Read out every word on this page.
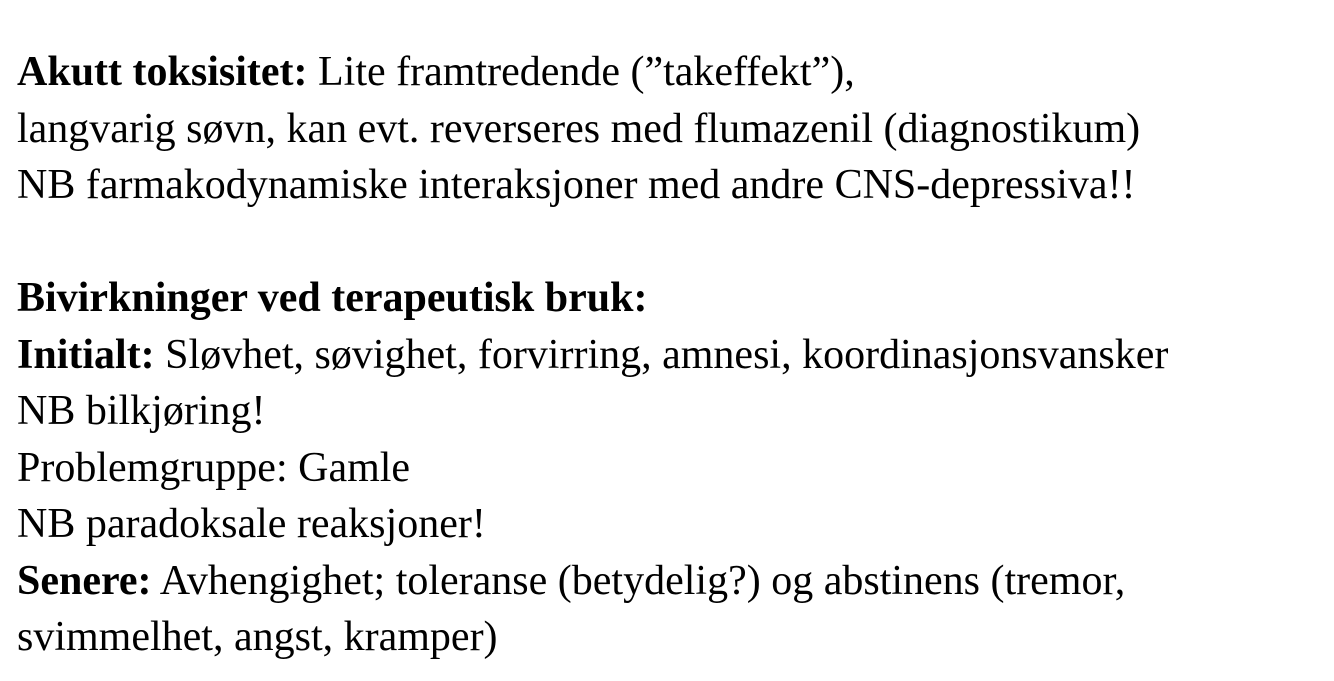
Akutt toksisitet: Lite framtredende (”takeffekt”),
langvarig søvn, kan evt. reverseres med flumazenil (diagnostikum)
NB farmakodynamiske interaksjoner med andre CNS-depressiva!!
Bivirkninger ved terapeutisk bruk:
Initialt: Sløvhet, søvighet, forvirring, amnesi, koordinasjonsvansker
NB bilkjøring!
Problemgruppe: Gamle
NB paradoksale reaksjoner!
Senere: Avhengighet; toleranse (betydelig?) og abstinens (tremor,
svimmelhet, angst, kramper)
